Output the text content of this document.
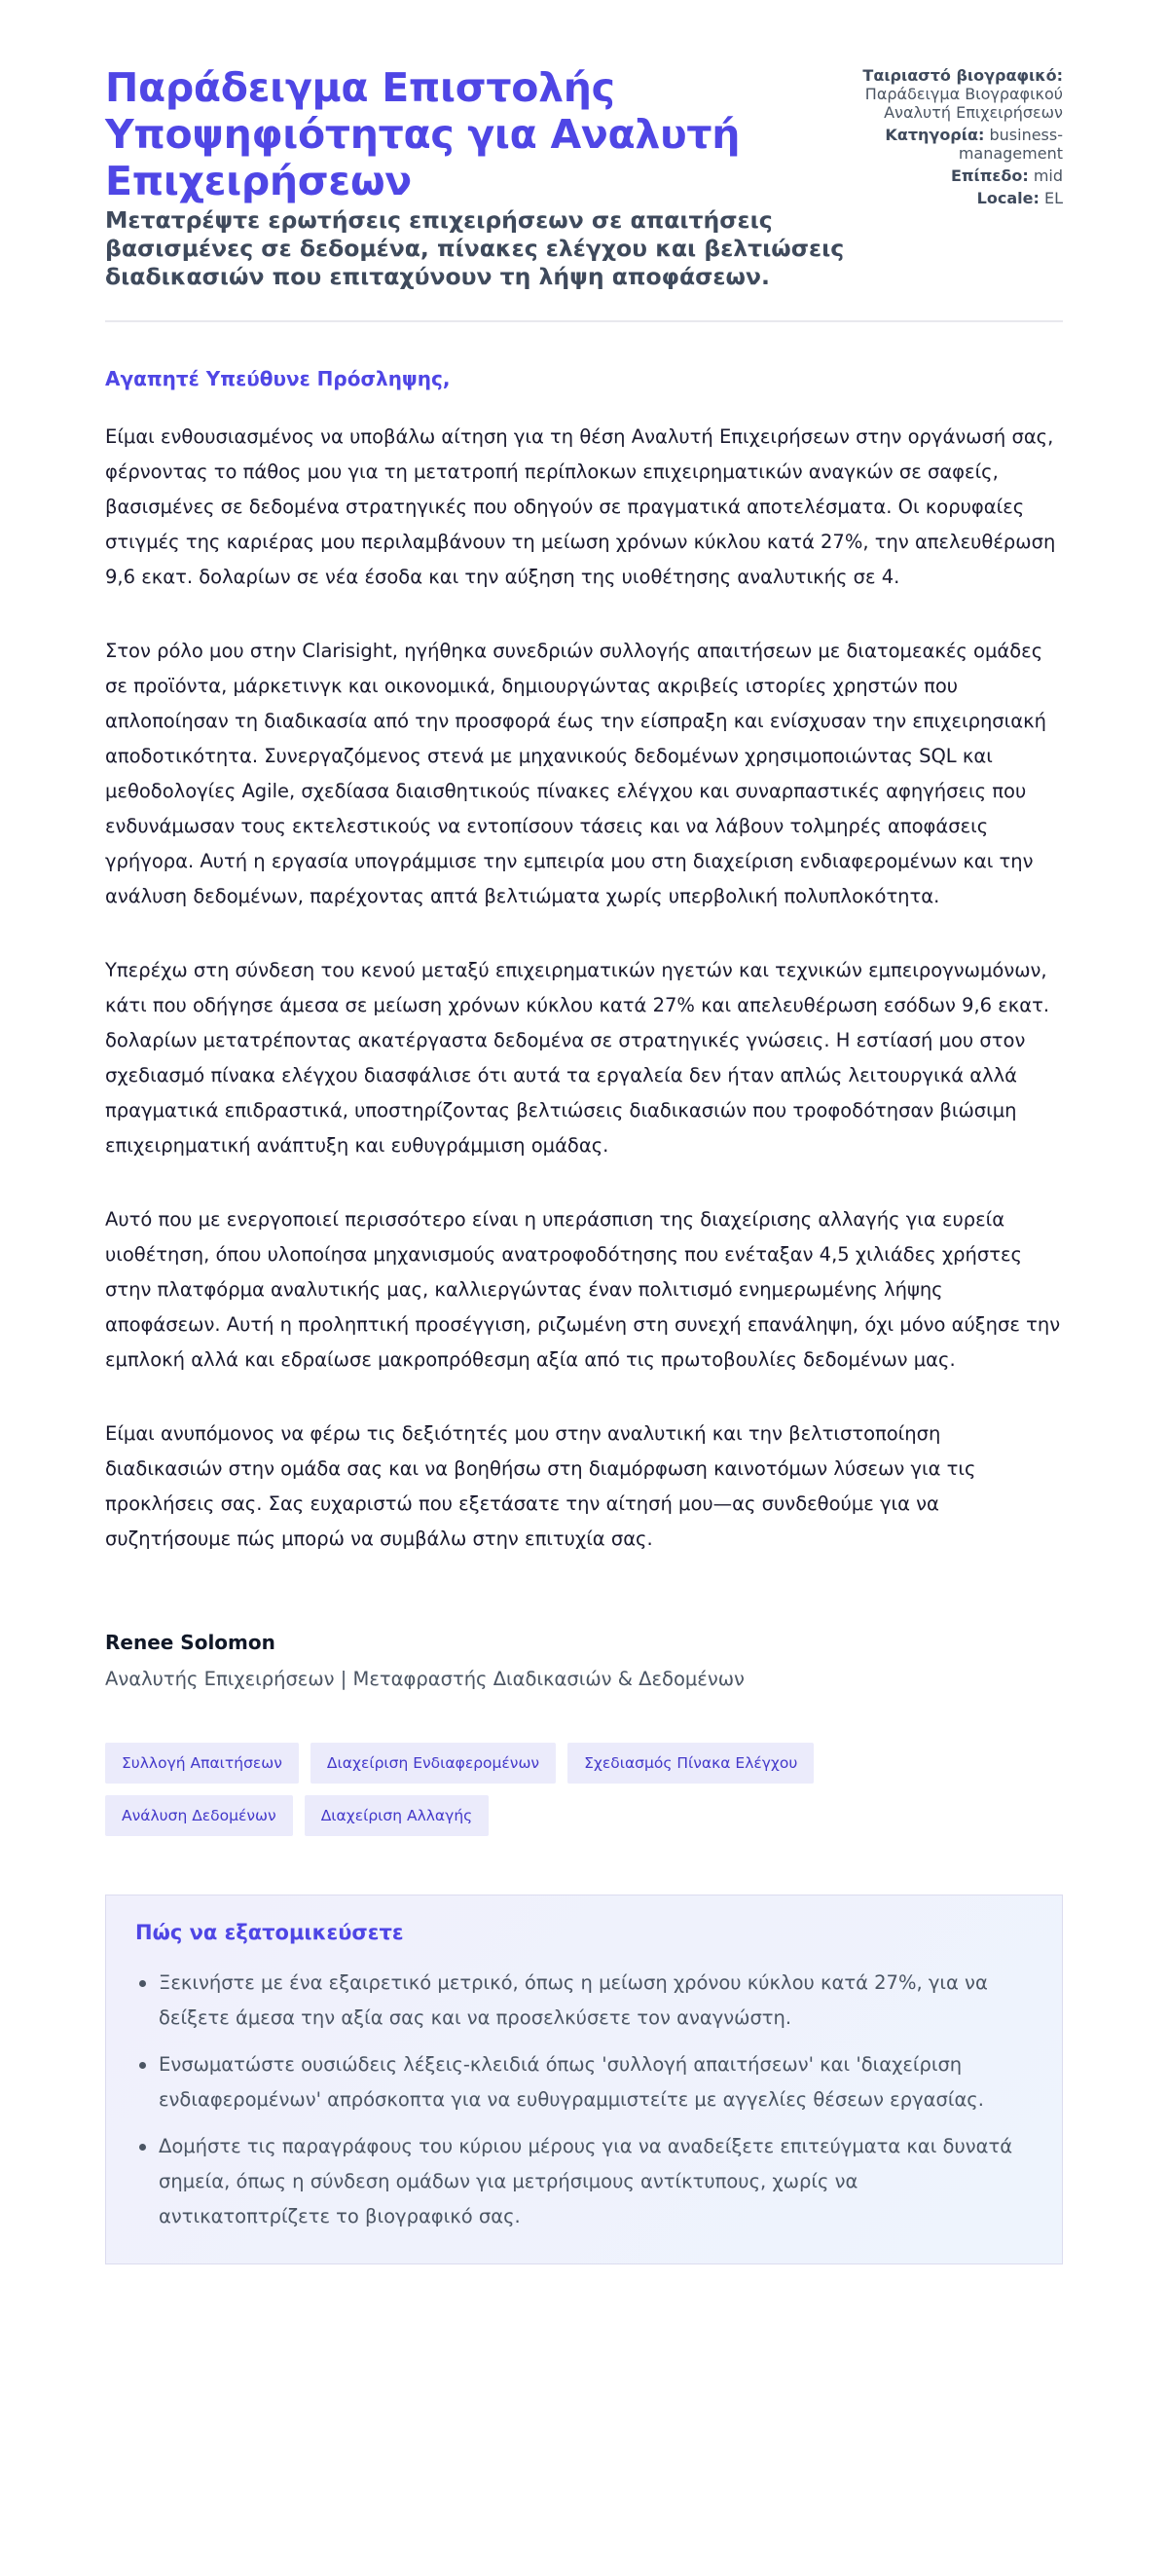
Παράδειγμα Επιστολής Υποψηφιότητας για Αναλυτή Επιχειρήσεων
Μετατρέψτε ερωτήσεις επιχειρήσεων σε απαιτήσεις βασισμένες σε δεδομένα, πίνακες ελέγχου και βελτιώσεις διαδικασιών που επιταχύνουν τη λήψη αποφάσεων.
Ταιριαστό βιογραφικό: Παράδειγμα Βιογραφικού Αναλυτή Επιχειρήσεων
Κατηγορία: business-management
Επίπεδο: mid
Locale: EL
Αγαπητέ Υπεύθυνε Πρόσληψης,

Είμαι ενθουσιασμένος να υποβάλω αίτηση για τη θέση Αναλυτή Επιχειρήσεων στην οργάνωσή σας, φέρνοντας το πάθος μου για τη μετατροπή περίπλοκων επιχειρηματικών αναγκών σε σαφείς, βασισμένες σε δεδομένα στρατηγικές που οδηγούν σε πραγματικά αποτελέσματα. Οι κορυφαίες στιγμές της καριέρας μου περιλαμβάνουν τη μείωση χρόνων κύκλου κατά 27%, την απελευθέρωση 9,6 εκατ. δολαρίων σε νέα έσοδα και την αύξηση της υιοθέτησης αναλυτικής σε 4.

Στον ρόλο μου στην Clarisight, ηγήθηκα συνεδριών συλλογής απαιτήσεων με διατομεακές ομάδες σε προϊόντα, μάρκετινγκ και οικονομικά, δημιουργώντας ακριβείς ιστορίες χρηστών που απλοποίησαν τη διαδικασία από την προσφορά έως την είσπραξη και ενίσχυσαν την επιχειρησιακή αποδοτικότητα. Συνεργαζόμενος στενά με μηχανικούς δεδομένων χρησιμοποιώντας SQL και μεθοδολογίες Agile, σχεδίασα διαισθητικούς πίνακες ελέγχου και συναρπαστικές αφηγήσεις που ενδυνάμωσαν τους εκτελεστικούς να εντοπίσουν τάσεις και να λάβουν τολμηρές αποφάσεις γρήγορα. Αυτή η εργασία υπογράμμισε την εμπειρία μου στη διαχείριση ενδιαφερομένων και την ανάλυση δεδομένων, παρέχοντας απτά βελτιώματα χωρίς υπερβολική πολυπλοκότητα.

Υπερέχω στη σύνδεση του κενού μεταξύ επιχειρηματικών ηγετών και τεχνικών εμπειρογνωμόνων, κάτι που οδήγησε άμεσα σε μείωση χρόνων κύκλου κατά 27% και απελευθέρωση εσόδων 9,6 εκατ. δολαρίων μετατρέποντας ακατέργαστα δεδομένα σε στρατηγικές γνώσεις. Η εστίασή μου στον σχεδιασμό πίνακα ελέγχου διασφάλισε ότι αυτά τα εργαλεία δεν ήταν απλώς λειτουργικά αλλά πραγματικά επιδραστικά, υποστηρίζοντας βελτιώσεις διαδικασιών που τροφοδότησαν βιώσιμη επιχειρηματική ανάπτυξη και ευθυγράμμιση ομάδας.

Αυτό που με ενεργοποιεί περισσότερο είναι η υπεράσπιση της διαχείρισης αλλαγής για ευρεία υιοθέτηση, όπου υλοποίησα μηχανισμούς ανατροφοδότησης που ενέταξαν 4,5 χιλιάδες χρήστες στην πλατφόρμα αναλυτικής μας, καλλιεργώντας έναν πολιτισμό ενημερωμένης λήψης αποφάσεων. Αυτή η προληπτική προσέγγιση, ριζωμένη στη συνεχή επανάληψη, όχι μόνο αύξησε την εμπλοκή αλλά και εδραίωσε μακροπρόθεσμη αξία από τις πρωτοβουλίες δεδομένων μας.

Είμαι ανυπόμονος να φέρω τις δεξιότητές μου στην αναλυτική και την βελτιστοποίηση διαδικασιών στην ομάδα σας και να βοηθήσω στη διαμόρφωση καινοτόμων λύσεων για τις προκλήσεις σας. Σας ευχαριστώ που εξετάσατε την αίτησή μου—ας συνδεθούμε για να συζητήσουμε πώς μπορώ να συμβάλω στην επιτυχία σας.

Renee Solomon
Αναλυτής Επιχειρήσεων | Μεταφραστής Διαδικασιών & Δεδομένων
Συλλογή Απαιτήσεων	Διαχείριση Ενδιαφερομένων	Σχεδιασμός Πίνακα Ελέγχου
Ανάλυση Δεδομένων	Διαχείριση Αλλαγής
Πώς να εξατομικεύσετε
Ξεκινήστε με ένα εξαιρετικό μετρικό, όπως η μείωση χρόνου κύκλου κατά 27%, για να δείξετε άμεσα την αξία σας και να προσελκύσετε τον αναγνώστη.
Ενσωματώστε ουσιώδεις λέξεις-κλειδιά όπως 'συλλογή απαιτήσεων' και 'διαχείριση ενδιαφερομένων' απρόσκοπτα για να ευθυγραμμιστείτε με αγγελίες θέσεων εργασίας.
Δομήστε τις παραγράφους του κύριου μέρους για να αναδείξετε επιτεύγματα και δυνατά σημεία, όπως η σύνδεση ομάδων για μετρήσιμους αντίκτυπους, χωρίς να αντικατοπτρίζετε το βιογραφικό σας.
